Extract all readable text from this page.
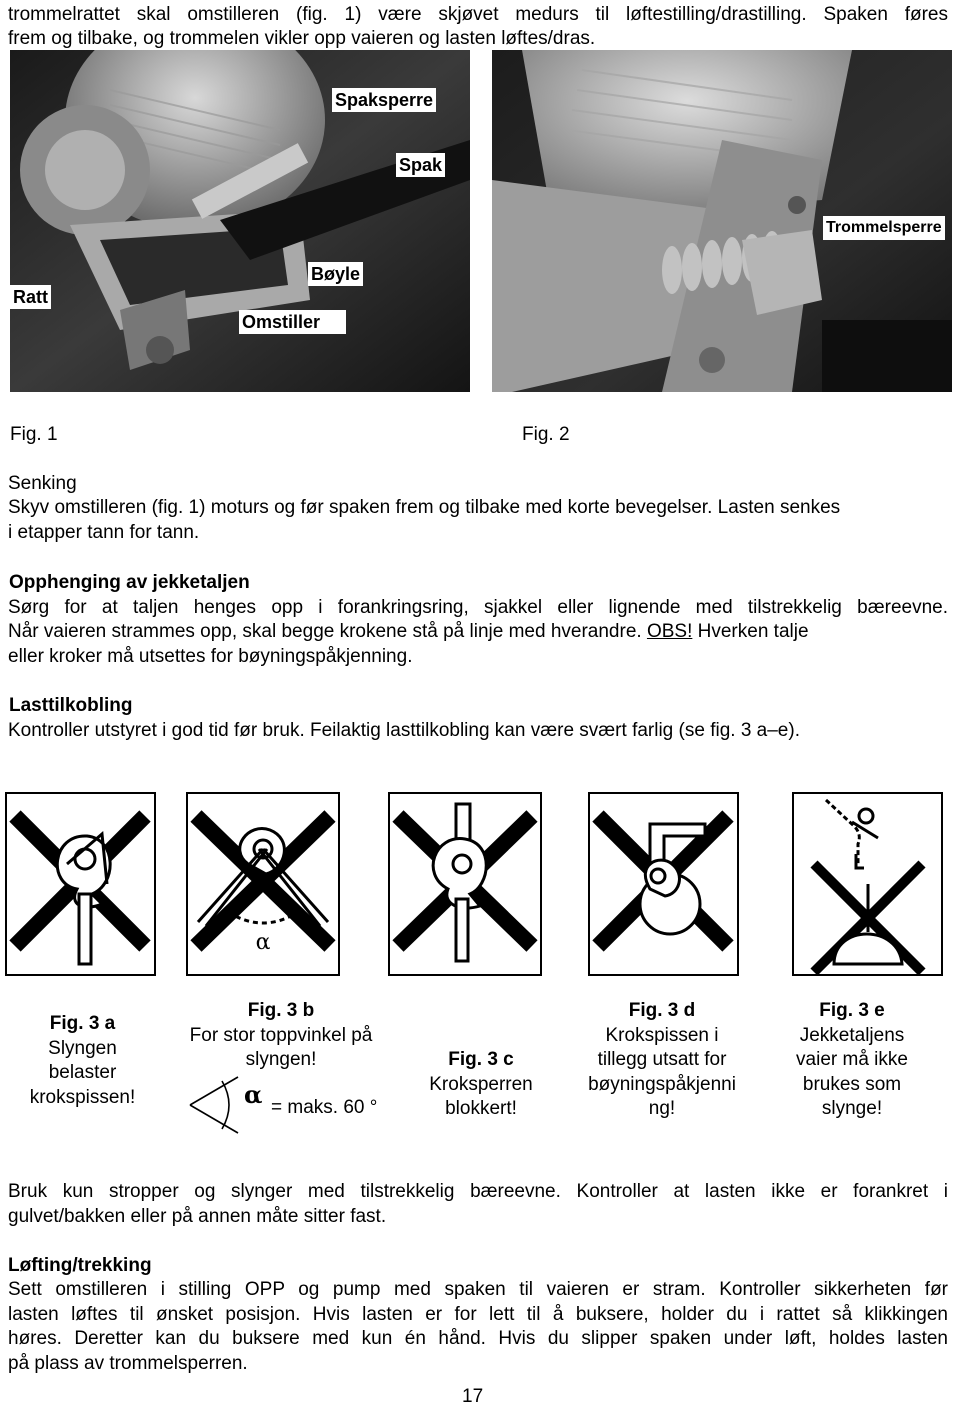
trommelrattet skal omstilleren (fig. 1) være skjøvet medurs til løftestilling/drastilling. Spaken føres
frem og tilbake, og trommelen vikler opp vaieren og lasten løftes/dras.
Spaksperre
Spak
Bøyle
Ratt
Omstiller
Trommelsperre
Fig. 1	Fig. 2
Senking
Skyv omstilleren (fig. 1) moturs og før spaken frem og tilbake med korte bevegelser. Lasten senkes
i etapper tann for tann.
Opphenging av jekketaljen
Sørg for at taljen henges opp i forankringsring, sjakkel eller lignende med tilstrekkelig bæreevne.
Når vaieren strammes opp, skal begge krokene stå på linje med hverandre. OBS! Hverken talje
eller kroker må utsettes for bøyningspåkjenning.
Lasttilkobling
Kontroller utstyret i god tid før bruk. Feilaktig lasttilkobling kan være svært farlig (se fig. 3 a–e).
α
Fig. 3 a
Slyngen
belaster
krokspissen!
Fig. 3 b
For stor toppvinkel på
slyngen!
α = maks. 60 °
Fig. 3 c
Kroksperren
blokkert!
Fig. 3 d
Krokspissen i
tillegg utsatt for
bøyningspåkjenni
ng!
Fig. 3 e
Jekketaljens
vaier må ikke
brukes som
slynge!
Bruk kun stropper og slynger med tilstrekkelig bæreevne. Kontroller at lasten ikke er forankret i
gulvet/bakken eller på annen måte sitter fast.
Løfting/trekking
Sett omstilleren i stilling OPP og pump med spaken til vaieren er stram. Kontroller sikkerheten før
lasten løftes til ønsket posisjon. Hvis lasten er for lett til å buksere, holder du i rattet så klikkingen
høres. Deretter kan du buksere med kun én hånd. Hvis du slipper spaken under løft, holdes lasten
på plass av trommelsperren.
17
